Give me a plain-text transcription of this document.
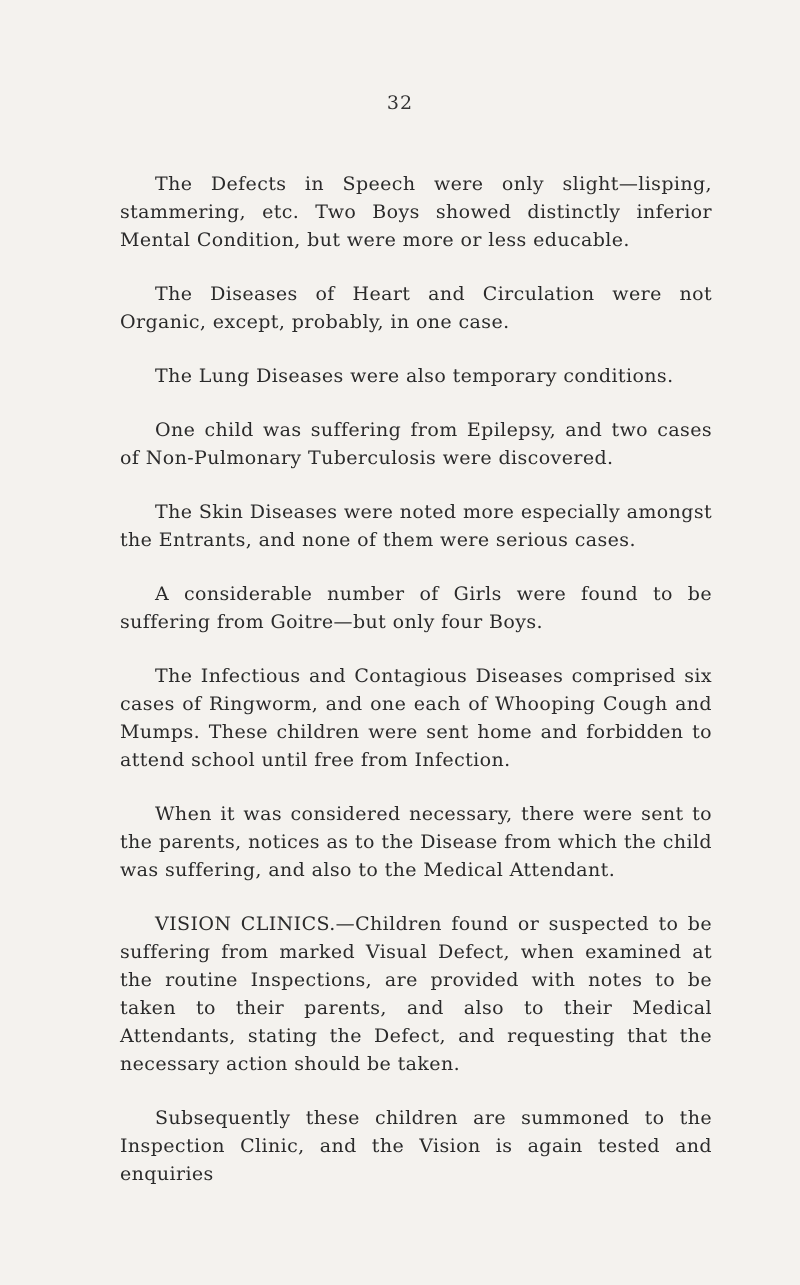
32

The Defects in Speech were only slight—lisping, stammering, etc. Two Boys showed distinctly inferior Mental Condition, but were more or less educable.

The Diseases of Heart and Circulation were not Organic, except, probably, in one case.

The Lung Diseases were also temporary conditions.

One child was suffering from Epilepsy, and two cases of Non-Pulmonary Tuberculosis were discovered.

The Skin Diseases were noted more especially amongst the Entrants, and none of them were serious cases.

A considerable number of Girls were found to be suffering from Goitre—but only four Boys.

The Infectious and Contagious Diseases comprised six cases of Ringworm, and one each of Whooping Cough and Mumps. These children were sent home and forbidden to attend school until free from Infection.

When it was considered necessary, there were sent to the parents, notices as to the Disease from which the child was suffering, and also to the Medical Attendant.

VISION CLINICS.—Children found or suspected to be suffering from marked Visual Defect, when examined at the routine Inspections, are provided with notes to be taken to their parents, and also to their Medical Attendants, stating the Defect, and requesting that the necessary action should be taken.

Subsequently these children are summoned to the Inspection Clinic, and the Vision is again tested and enquiries
